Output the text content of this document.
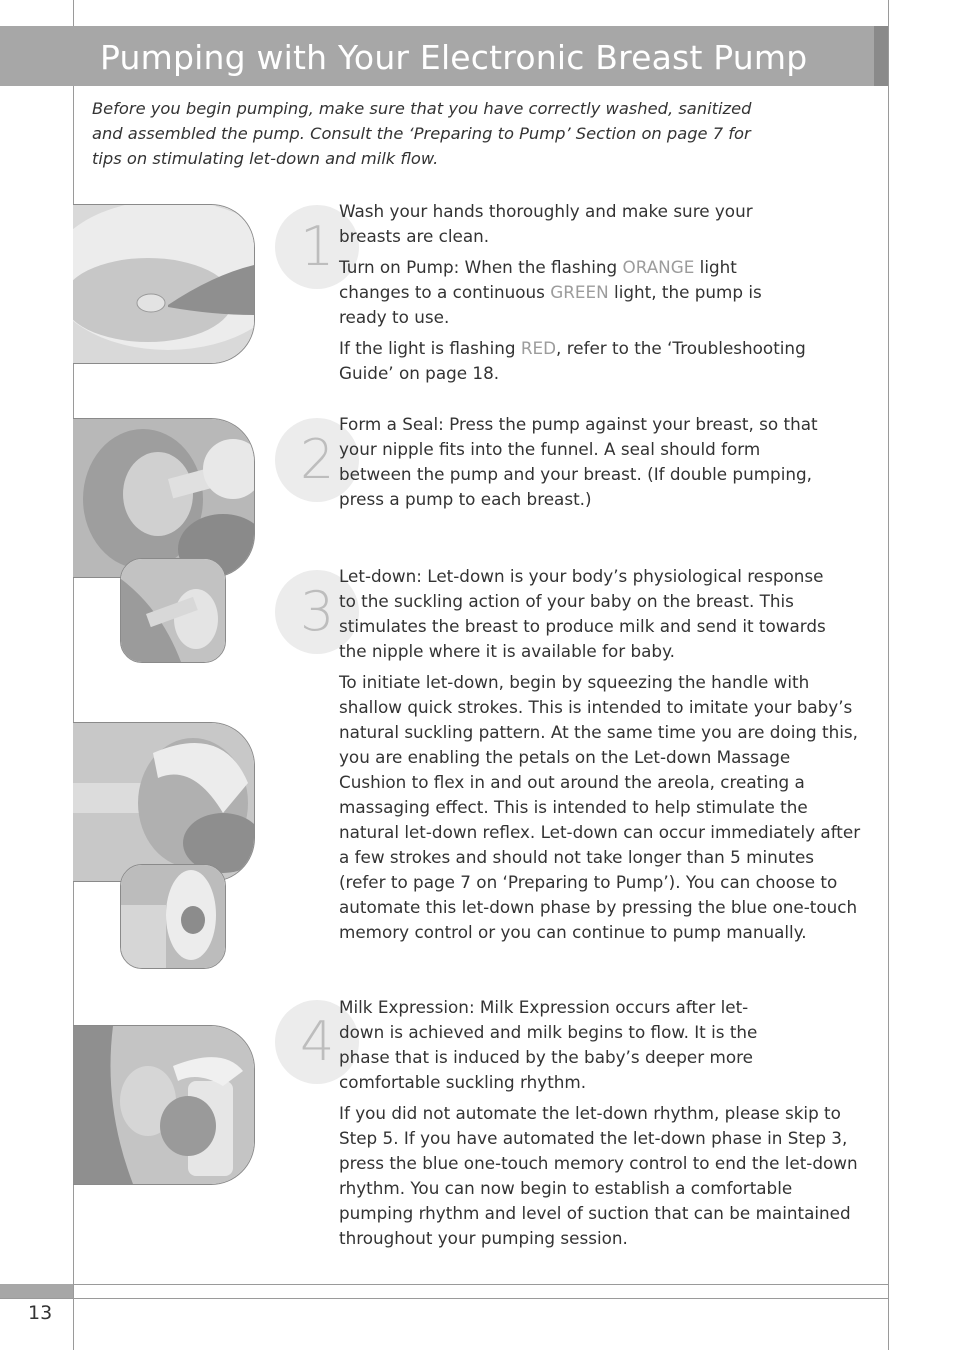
Pumping with Your Electronic Breast Pump
Before you begin pumping, make sure that you have correctly washed, sanitized and assembled the pump. Consult the ‘Preparing to Pump’ Section on page 7 for tips on stimulating let-down and milk flow.
1
2
3
4

Wash your hands thoroughly and make sure your breasts are clean.

Turn on Pump: When the flashing ORANGE light changes to a continuous GREEN light, the pump is ready to use.

If the light is flashing RED, refer to the ‘Troubleshooting Guide’ on page 18.

Form a Seal: Press the pump against your breast, so that your nipple fits into the funnel. A seal should form between the pump and your breast. (If double pumping, press a pump to each breast.)

Let-down: Let-down is your body’s physiological response to the suckling action of your baby on the breast. This stimulates the breast to produce milk and send it towards the nipple where it is available for baby.

To initiate let-down, begin by squeezing the handle with shallow quick strokes. This is intended to imitate your baby’s natural suckling pattern. At the same time you are doing this, you are enabling the petals on the Let-down Massage Cushion to flex in and out around the areola, creating a massaging effect. This is intended to help stimulate the natural let-down reflex. Let-down can occur immediately after a few strokes and should not take longer than 5 minutes (refer to page 7 on ‘Preparing to Pump’). You can choose to automate this let-down phase by pressing the blue one-touch memory control or you can continue to pump manually.

Milk Expression: Milk Expression occurs after let-down is achieved and milk begins to flow. It is the phase that is induced by the baby’s deeper more comfortable suckling rhythm.

If you did not automate the let-down rhythm, please skip to Step 5. If you have automated the let-down phase in Step 3, press the blue one-touch memory control to end the let-down rhythm. You can now begin to establish a comfortable pumping rhythm and level of suction that can be maintained throughout your pumping session.

13
